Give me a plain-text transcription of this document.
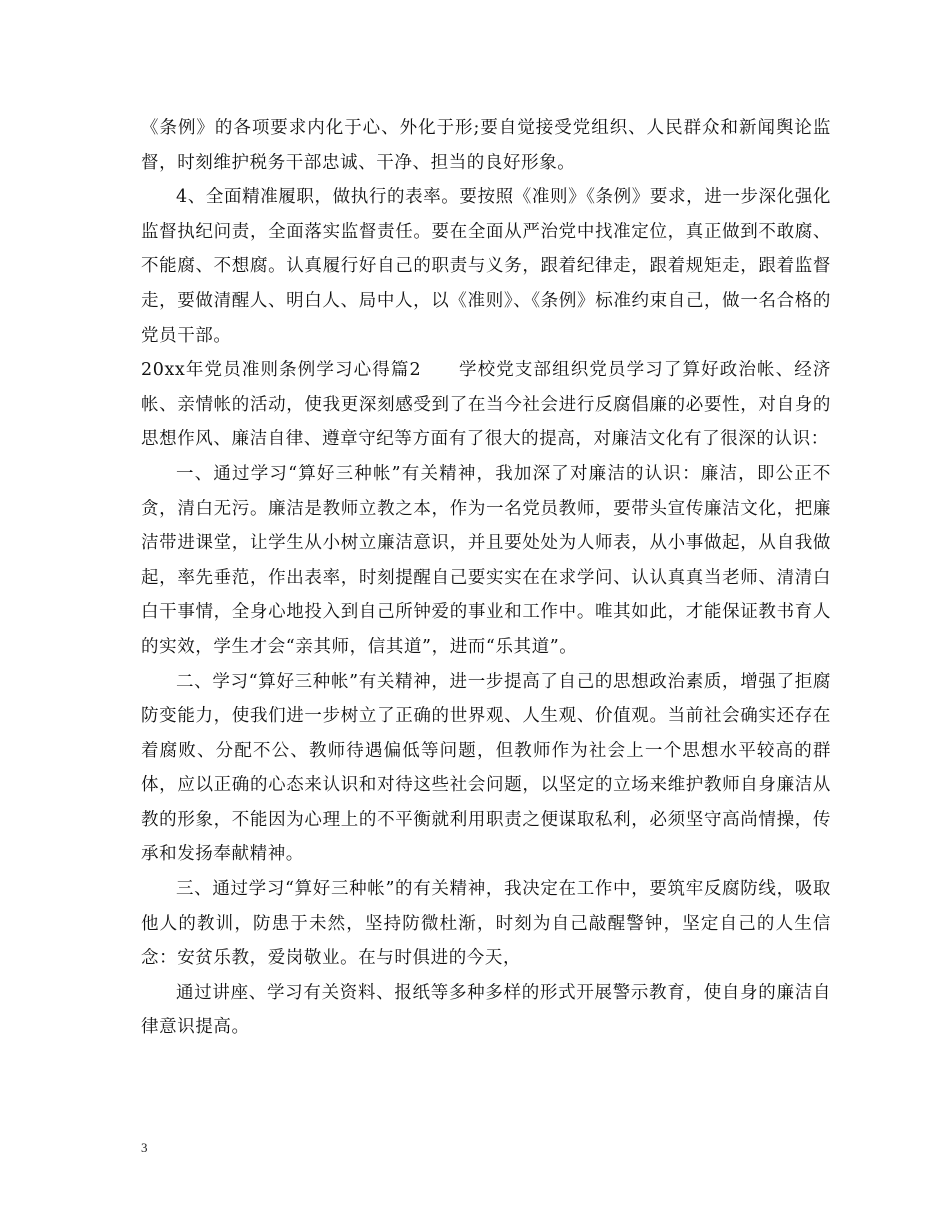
《条例》的各项要求内化于心、外化于形;要自觉接受党组织、人民群众和新闻舆论监督，时刻维护税务干部忠诚、干净、担当的良好形象。

4、全面精准履职，做执行的表率。要按照《准则》《条例》要求，进一步深化强化监督执纪问责，全面落实监督责任。要在全面从严治党中找准定位，真正做到不敢腐、不能腐、不想腐。认真履行好自己的职责与义务，跟着纪律走，跟着规矩走，跟着监督走，要做清醒人、明白人、局中人，以《准则》、《条例》标准约束自己，做一名合格的党员干部。

20xx年党员准则条例学习心得篇2　　学校党支部组织党员学习了算好政治帐、经济帐、亲情帐的活动，使我更深刻感受到了在当今社会进行反腐倡廉的必要性，对自身的思想作风、廉洁自律、遵章守纪等方面有了很大的提高，对廉洁文化有了很深的认识：

一、通过学习“算好三种帐”有关精神，我加深了对廉洁的认识：廉洁，即公正不贪，清白无污。廉洁是教师立教之本，作为一名党员教师，要带头宣传廉洁文化，把廉洁带进课堂，让学生从小树立廉洁意识，并且要处处为人师表，从小事做起，从自我做起，率先垂范，作出表率，时刻提醒自己要实实在在求学问、认认真真当老师、清清白白干事情，全身心地投入到自己所钟爱的事业和工作中。唯其如此，才能保证教书育人的实效，学生才会“亲其师，信其道”，进而“乐其道”。

二、学习“算好三种帐”有关精神，进一步提高了自己的思想政治素质，增强了拒腐防变能力，使我们进一步树立了正确的世界观、人生观、价值观。当前社会确实还存在着腐败、分配不公、教师待遇偏低等问题，但教师作为社会上一个思想水平较高的群体，应以正确的心态来认识和对待这些社会问题，以坚定的立场来维护教师自身廉洁从教的形象，不能因为心理上的不平衡就利用职责之便谋取私利，必须坚守高尚情操，传承和发扬奉献精神。

三、通过学习“算好三种帐”的有关精神，我决定在工作中，要筑牢反腐防线，吸取他人的教训，防患于未然，坚持防微杜渐，时刻为自己敲醒警钟，坚定自己的人生信念：安贫乐教，爱岗敬业。在与时俱进的今天，

通过讲座、学习有关资料、报纸等多种多样的形式开展警示教育，使自身的廉洁自律意识提高。

3
